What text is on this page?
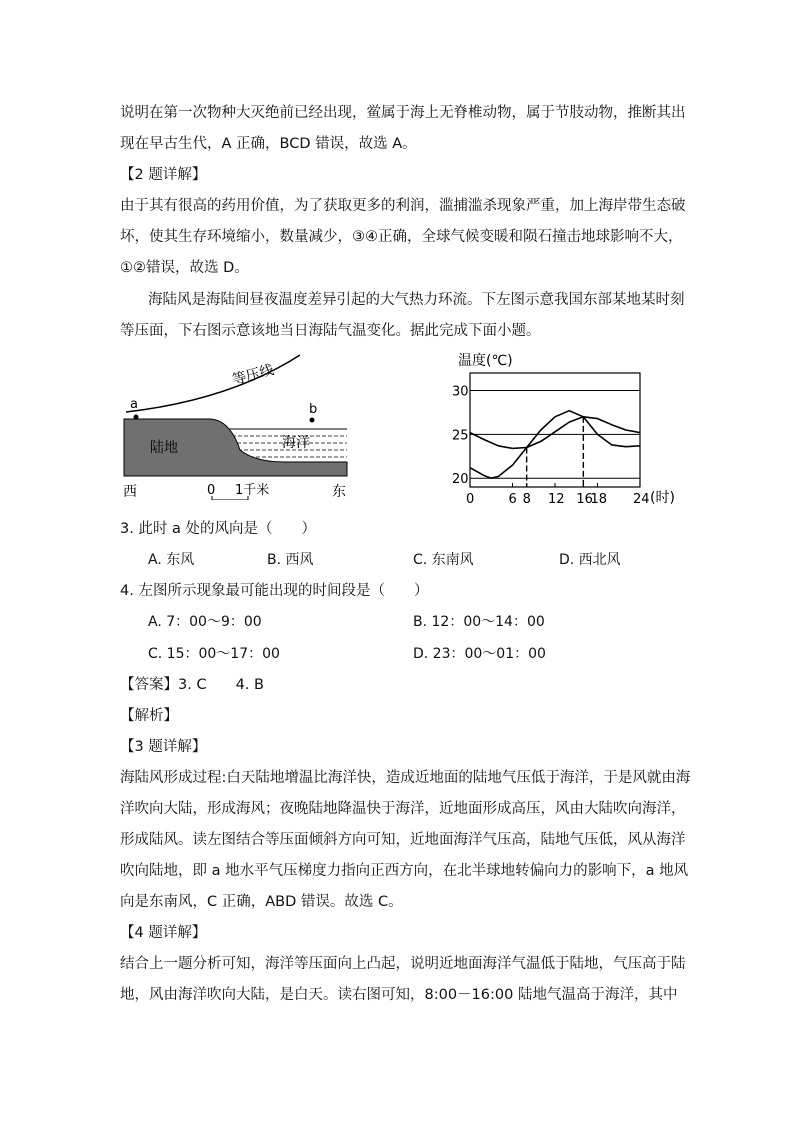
说明在第一次物种大灭绝前已经出现，鲎属于海上无脊椎动物，属于节肢动物，推断其出
现在早古生代，A 正确，BCD 错误，故选 A。
【2 题详解】
由于其有很高的药用价值，为了获取更多的利润，滥捕滥杀现象严重，加上海岸带生态破
坏，使其生存环境缩小，数量减少，③④正确，全球气候变暖和陨石撞击地球影响不大，
①②错误，故选 D。
海陆风是海陆间昼夜温度差异引起的大气热力环流。下左图示意我国东部某地某时刻
等压面，下右图示意该地当日海陆气温变化。据此完成下面小题。
等压线
a	b
陆地	海洋
西	东
0 1千米
温度(℃)
(时)
20
25
30
0	6 8 12 16
18 24
3. 此时 a 处的风向是（　　）
A. 东风	B. 西风	C. 东南风	D. 西北风
4. 左图所示现象最可能出现的时间段是（　　）
A. 7：00～9：00	B. 12：00～14：00
C. 15：00～17：00	D. 23：00～01：00
【答案】3. C　　4. B
【解析】
【3 题详解】
海陆风形成过程:白天陆地增温比海洋快，造成近地面的陆地气压低于海洋，于是风就由海
洋吹向大陆，形成海风；夜晚陆地降温快于海洋，近地面形成高压，风由大陆吹向海洋，
形成陆风。读左图结合等压面倾斜方向可知，近地面海洋气压高，陆地气压低，风从海洋
吹向陆地，即 a 地水平气压梯度力指向正西方向，在北半球地转偏向力的影响下，a 地风
向是东南风，C 正确，ABD 错误。故选 C。
【4 题详解】
结合上一题分析可知，海洋等压面向上凸起，说明近地面海洋气温低于陆地，气压高于陆
地，风由海洋吹向大陆，是白天。读右图可知，8:00－16:00 陆地气温高于海洋，其中
